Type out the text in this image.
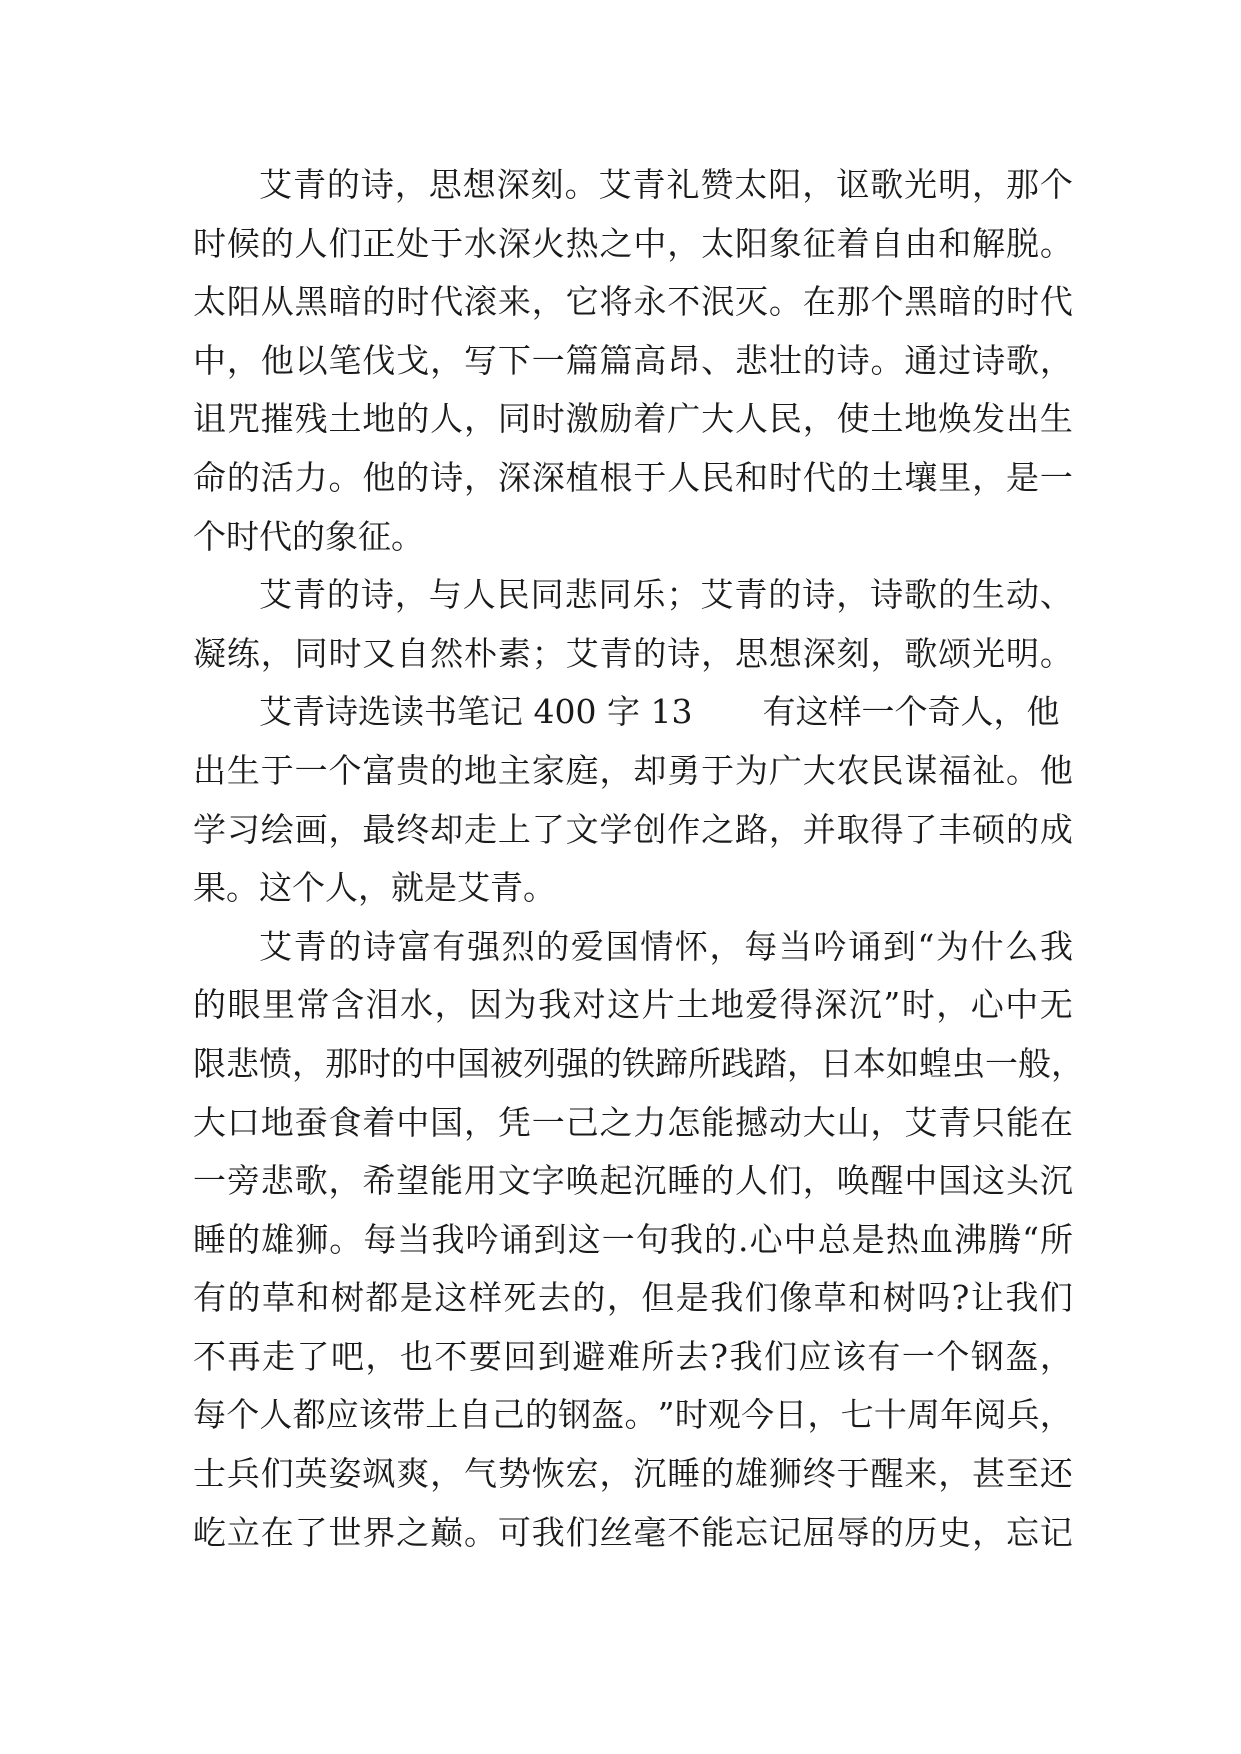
艾 青 的 诗 ， 思 想 深 刻 。 艾 青 礼 赞 太 阳 ， 讴 歌 光 明 ， 那 个
时 候 的 人 们 正 处 于 水 深 火 热 之 中 ， 太 阳 象 征 着 自 由 和 解 脱 。
太 阳 从 黑 暗 的 时 代 滚 来 ， 它 将 永 不 泯 灭 。 在 那 个 黑 暗 的 时 代
中 ， 他 以 笔 伐 戈 ， 写 下 一 篇 篇 高 昂 、 悲 壮 的 诗 。 通 过 诗 歌 ，
诅 咒 摧 残 土 地 的 人 ， 同 时 激 励 着 广 大 人 民 ， 使 土 地 焕 发 出 生
命 的 活 力 。 他 的 诗 ， 深 深 植 根 于 人 民 和 时 代 的 土 壤 里 ， 是 一
个时代的象征。
艾 青 的 诗 ， 与 人 民 同 悲 同 乐 ； 艾 青 的 诗 ， 诗 歌 的 生 动 、
凝 练 ， 同 时 又 自 然 朴 素 ； 艾 青 的 诗 ， 思 想 深 刻 ， 歌 颂 光 明 。
艾青诗选读书笔记 400 字 13 有这样一个奇人，他
出 生 于 一 个 富 贵 的 地 主 家 庭 ， 却 勇 于 为 广 大 农 民 谋 福 祉 。 他
学 习 绘 画 ， 最 终 却 走 上 了 文 学 创 作 之 路 ， 并 取 得 了 丰 硕 的 成
果。这个人，就是艾青。
艾 青 的 诗 富 有 强 烈 的 爱 国 情 怀 ， 每 当 吟 诵 到 “ 为 什 么 我
的 眼 里 常 含 泪 水 ， 因 为 我 对 这 片 土 地 爱 得 深 沉 ” 时 ， 心 中 无
限 悲 愤 ， 那 时 的 中 国 被 列 强 的 铁 蹄 所 践 踏 ， 日 本 如 蝗 虫 一 般 ，
大 口 地 蚕 食 着 中 国 ， 凭 一 己 之 力 怎 能 撼 动 大 山 ， 艾 青 只 能 在
一 旁 悲 歌 ， 希 望 能 用 文 字 唤 起 沉 睡 的 人 们 ， 唤 醒 中 国 这 头 沉
睡 的 雄 狮 。 每 当 我 吟 诵 到 这 一 句 我 的 . 心 中 总 是 热 血 沸 腾 “ 所
有 的 草 和 树 都 是 这 样 死 去 的 ， 但 是 我 们 像 草 和 树 吗 ? 让 我 们
不 再 走 了 吧 ， 也 不 要 回 到 避 难 所 去 ? 我 们 应 该 有 一 个 钢 盔 ，
每 个 人 都 应 该 带 上 自 己 的 钢 盔 。 ” 时 观 今 日 ， 七 十 周 年 阅 兵 ，
士 兵 们 英 姿 飒 爽 ， 气 势 恢 宏 ， 沉 睡 的 雄 狮 终 于 醒 来 ， 甚 至 还
屹 立 在 了 世 界 之 巅 。 可 我 们 丝 毫 不 能 忘 记 屈 辱 的 历 史 ， 忘 记
